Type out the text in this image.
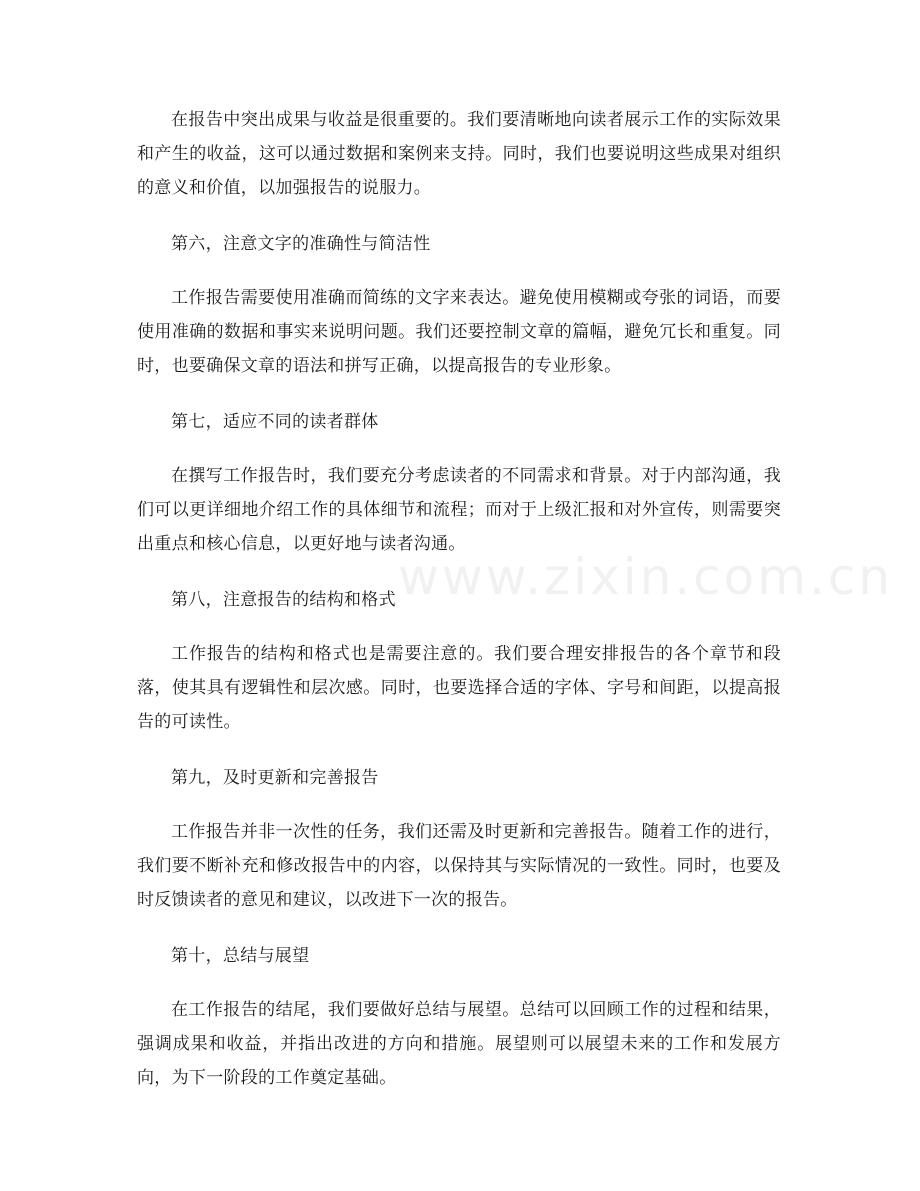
在报告中突出成果与收益是很重要的。我们要清晰地向读者展示工作的实际效果和产生的收益，这可以通过数据和案例来支持。同时，我们也要说明这些成果对组织的意义和价值，以加强报告的说服力。

第六，注意文字的准确性与简洁性

工作报告需要使用准确而简练的文字来表达。避免使用模糊或夸张的词语，而要使用准确的数据和事实来说明问题。我们还要控制文章的篇幅，避免冗长和重复。同时，也要确保文章的语法和拼写正确，以提高报告的专业形象。

第七，适应不同的读者群体

在撰写工作报告时，我们要充分考虑读者的不同需求和背景。对于内部沟通，我们可以更详细地介绍工作的具体细节和流程；而对于上级汇报和对外宣传，则需要突出重点和核心信息，以更好地与读者沟通。

第八，注意报告的结构和格式

工作报告的结构和格式也是需要注意的。我们要合理安排报告的各个章节和段落，使其具有逻辑性和层次感。同时，也要选择合适的字体、字号和间距，以提高报告的可读性。

第九，及时更新和完善报告

工作报告并非一次性的任务，我们还需及时更新和完善报告。随着工作的进行，我们要不断补充和修改报告中的内容，以保持其与实际情况的一致性。同时，也要及时反馈读者的意见和建议，以改进下一次的报告。

第十，总结与展望

在工作报告的结尾，我们要做好总结与展望。总结可以回顾工作的过程和结果，强调成果和收益，并指出改进的方向和措施。展望则可以展望未来的工作和发展方向，为下一阶段的工作奠定基础。

www.zixin.com.cn
